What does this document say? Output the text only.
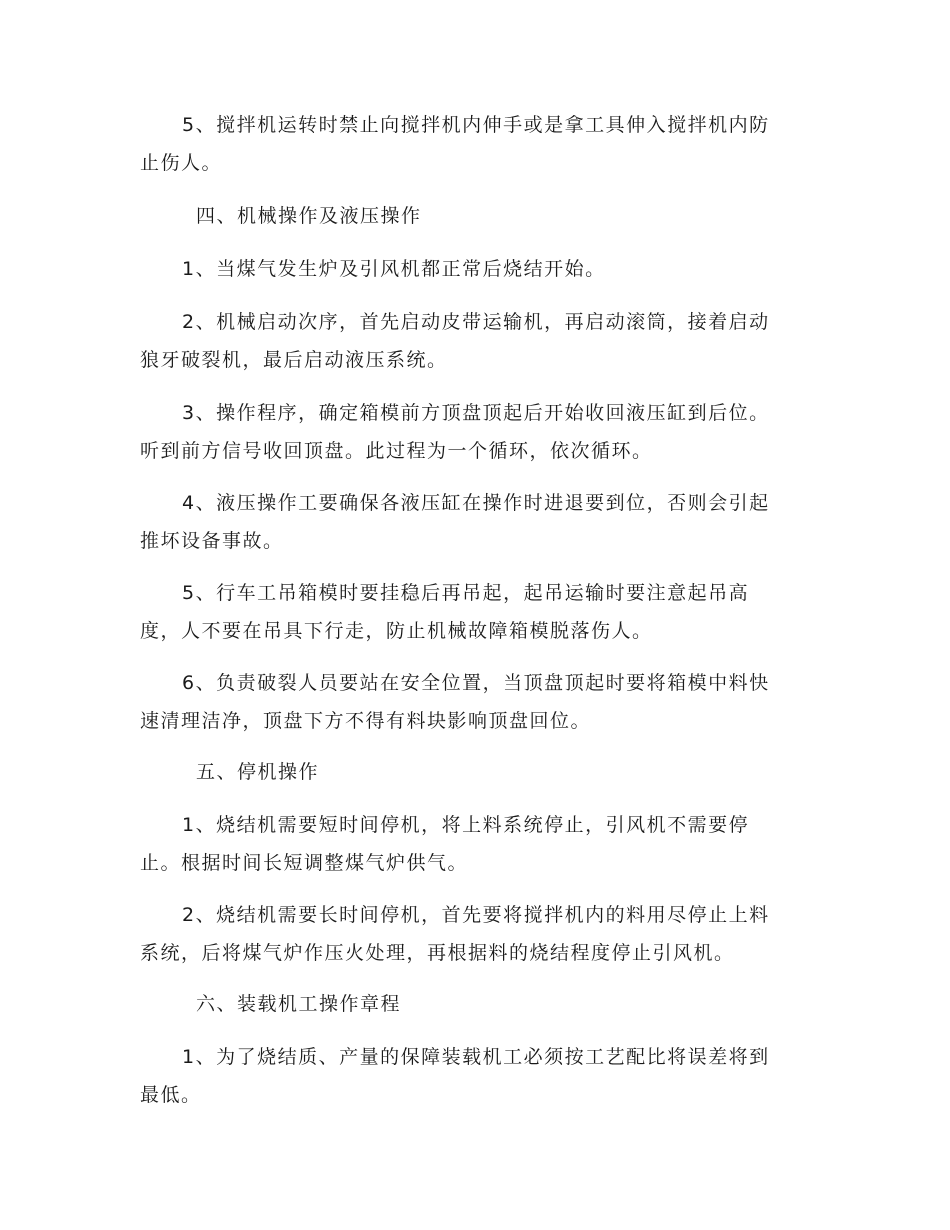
5、搅拌机运转时禁止向搅拌机内伸手或是拿工具伸入搅拌机内防
止伤人。
四、机械操作及液压操作
1、当煤气发生炉及引风机都正常后烧结开始。
2、机械启动次序，首先启动皮带运输机，再启动滚筒，接着启动
狼牙破裂机，最后启动液压系统。
3、操作程序，确定箱模前方顶盘顶起后开始收回液压缸到后位。
听到前方信号收回顶盘。此过程为一个循环，依次循环。
4、液压操作工要确保各液压缸在操作时进退要到位，否则会引起
推坏设备事故。
5、行车工吊箱模时要挂稳后再吊起，起吊运输时要注意起吊高
度，人不要在吊具下行走，防止机械故障箱模脱落伤人。
6、负责破裂人员要站在安全位置，当顶盘顶起时要将箱模中料快
速清理洁净，顶盘下方不得有料块影响顶盘回位。
五、停机操作
1、烧结机需要短时间停机，将上料系统停止，引风机不需要停
止。根据时间长短调整煤气炉供气。
2、烧结机需要长时间停机，首先要将搅拌机内的料用尽停止上料
系统，后将煤气炉作压火处理，再根据料的烧结程度停止引风机。
六、装载机工操作章程
1、为了烧结质、产量的保障装载机工必须按工艺配比将误差将到
最低。
